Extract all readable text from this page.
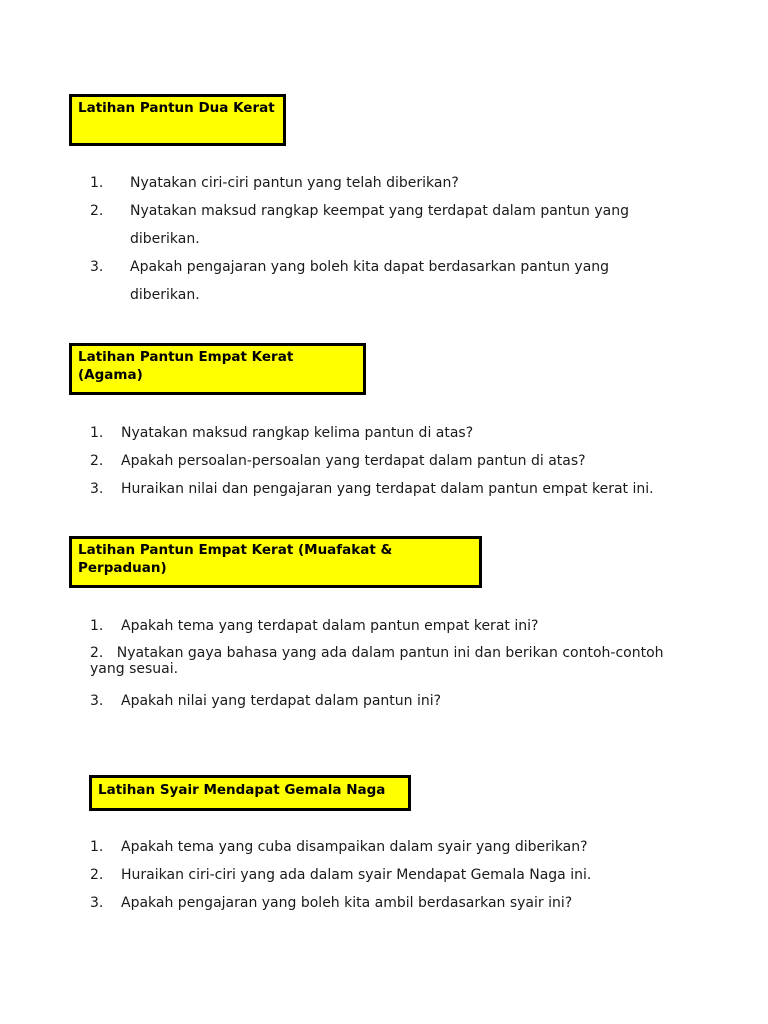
Latihan Pantun Dua Kerat
1. Nyatakan ciri-ciri pantun yang telah diberikan?
2. Nyatakan maksud rangkap keempat yang terdapat dalam pantun yang diberikan.
3. Apakah pengajaran yang boleh kita dapat berdasarkan pantun yang diberikan.
Latihan Pantun Empat Kerat (Agama)
1. Nyatakan maksud rangkap kelima pantun di atas?
2. Apakah persoalan-persoalan yang terdapat dalam pantun di atas?
3. Huraikan nilai dan pengajaran yang terdapat dalam pantun empat kerat ini.
Latihan Pantun Empat Kerat (Muafakat & Perpaduan)
1. Apakah tema yang terdapat dalam pantun empat kerat ini?
2. Nyatakan gaya bahasa yang ada dalam pantun ini dan berikan contoh-contoh yang sesuai.
3. Apakah nilai yang terdapat dalam pantun ini?
Latihan Syair Mendapat Gemala Naga
1. Apakah tema yang cuba disampaikan dalam syair yang diberikan?
2. Huraikan ciri-ciri yang ada dalam syair Mendapat Gemala Naga ini.
3. Apakah pengajaran yang boleh kita ambil berdasarkan syair ini?
